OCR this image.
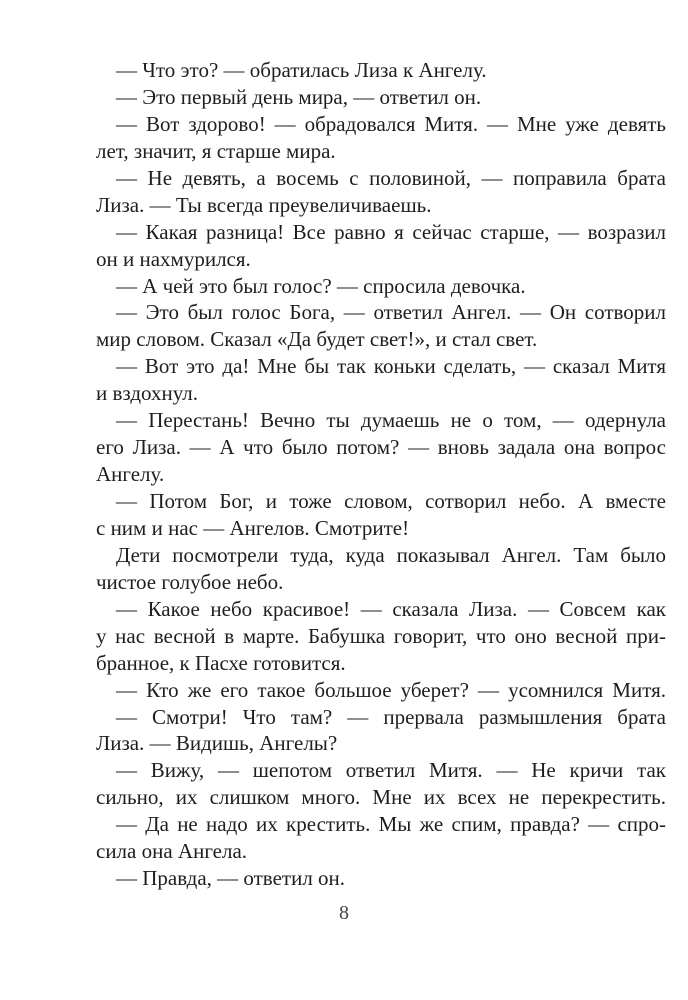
— Что это? — обратилась Лиза к Ангелу.
— Это первый день мира, — ответил он.
— Вот здорово! — обрадовался Митя. — Мне уже девять
лет, значит, я старше мира.
— Не девять, а восемь с половиной, — поправила брата
Лиза. — Ты всегда преувеличиваешь.
— Какая разница! Все равно я сейчас старше, — возразил
он и нахмурился.
— А чей это был голос? — спросила девочка.
— Это был голос Бога, — ответил Ангел. — Он сотворил
мир словом. Сказал «Да будет свет!», и стал свет.
— Вот это да! Мне бы так коньки сделать, — сказал Митя
и вздохнул.
— Перестань! Вечно ты думаешь не о том, — одернула
его Лиза. — А что было потом? — вновь задала она вопрос
Ангелу.
— Потом Бог, и тоже словом, сотворил небо. А вместе
с ним и нас — Ангелов. Смотрите!
Дети посмотрели туда, куда показывал Ангел. Там было
чистое голубое небо.
— Какое небо красивое! — сказала Лиза. — Совсем как
у нас весной в марте. Бабушка говорит, что оно весной при-
бранное, к Пасхе готовится.
— Кто же его такое большое уберет? — усомнился Митя.
— Смотри! Что там? — прервала размышления брата
Лиза. — Видишь, Ангелы?
— Вижу, — шепотом ответил Митя. — Не кричи так
сильно, их слишком много. Мне их всех не перекрестить.
— Да не надо их крестить. Мы же спим, правда? — спро-
сила она Ангела.
— Правда, — ответил он.
8
